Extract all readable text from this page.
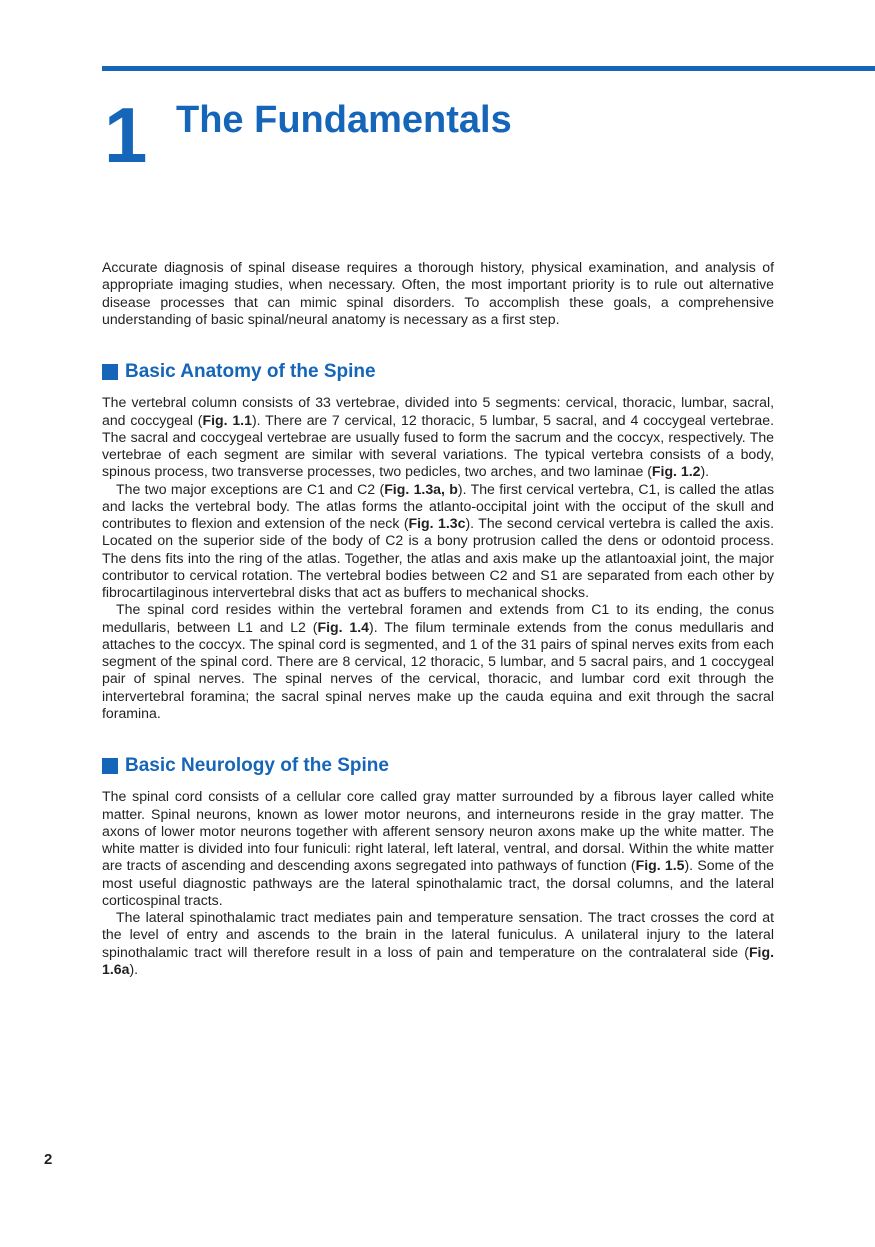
1 The Fundamentals

Accurate diagnosis of spinal disease requires a thorough history, physical examination, and analysis of appropriate imaging studies, when necessary. Often, the most important priority is to rule out alternative disease processes that can mimic spinal disorders. To accomplish these goals, a comprehensive understanding of basic spinal/neural anatomy is necessary as a first step.

Basic Anatomy of the Spine

The vertebral column consists of 33 vertebrae, divided into 5 segments: cervical, thoracic, lumbar, sacral, and coccygeal (Fig. 1.1). There are 7 cervical, 12 thoracic, 5 lumbar, 5 sacral, and 4 coccygeal vertebrae. The sacral and coccygeal vertebrae are usually fused to form the sacrum and the coccyx, respectively. The vertebrae of each segment are similar with several variations. The typical vertebra consists of a body, spinous process, two transverse processes, two pedicles, two arches, and two laminae (Fig. 1.2).

The two major exceptions are C1 and C2 (Fig. 1.3a, b). The first cervical vertebra, C1, is called the atlas and lacks the vertebral body. The atlas forms the atlanto-occipital joint with the occiput of the skull and contributes to flexion and extension of the neck (Fig. 1.3c). The second cervical vertebra is called the axis. Located on the superior side of the body of C2 is a bony protrusion called the dens or odontoid process. The dens fits into the ring of the atlas. Together, the atlas and axis make up the atlantoaxial joint, the major contributor to cervical rotation. The vertebral bodies between C2 and S1 are separated from each other by fibrocartilaginous intervertebral disks that act as buffers to mechanical shocks.

The spinal cord resides within the vertebral foramen and extends from C1 to its ending, the conus medullaris, between L1 and L2 (Fig. 1.4). The filum terminale extends from the conus medullaris and attaches to the coccyx. The spinal cord is segmented, and 1 of the 31 pairs of spinal nerves exits from each segment of the spinal cord. There are 8 cervical, 12 thoracic, 5 lumbar, and 5 sacral pairs, and 1 coccygeal pair of spinal nerves. The spinal nerves of the cervical, thoracic, and lumbar cord exit through the intervertebral foramina; the sacral spinal nerves make up the cauda equina and exit through the sacral foramina.

Basic Neurology of the Spine

The spinal cord consists of a cellular core called gray matter surrounded by a fibrous layer called white matter. Spinal neurons, known as lower motor neurons, and interneurons reside in the gray matter. The axons of lower motor neurons together with afferent sensory neuron axons make up the white matter. The white matter is divided into four funiculi: right lateral, left lateral, ventral, and dorsal. Within the white matter are tracts of ascending and descending axons segregated into pathways of function (Fig. 1.5). Some of the most useful diagnostic pathways are the lateral spinothalamic tract, the dorsal columns, and the lateral corticospinal tracts.

The lateral spinothalamic tract mediates pain and temperature sensation. The tract crosses the cord at the level of entry and ascends to the brain in the lateral funiculus. A unilateral injury to the lateral spinothalamic tract will therefore result in a loss of pain and temperature on the contralateral side (Fig. 1.6a).

2
